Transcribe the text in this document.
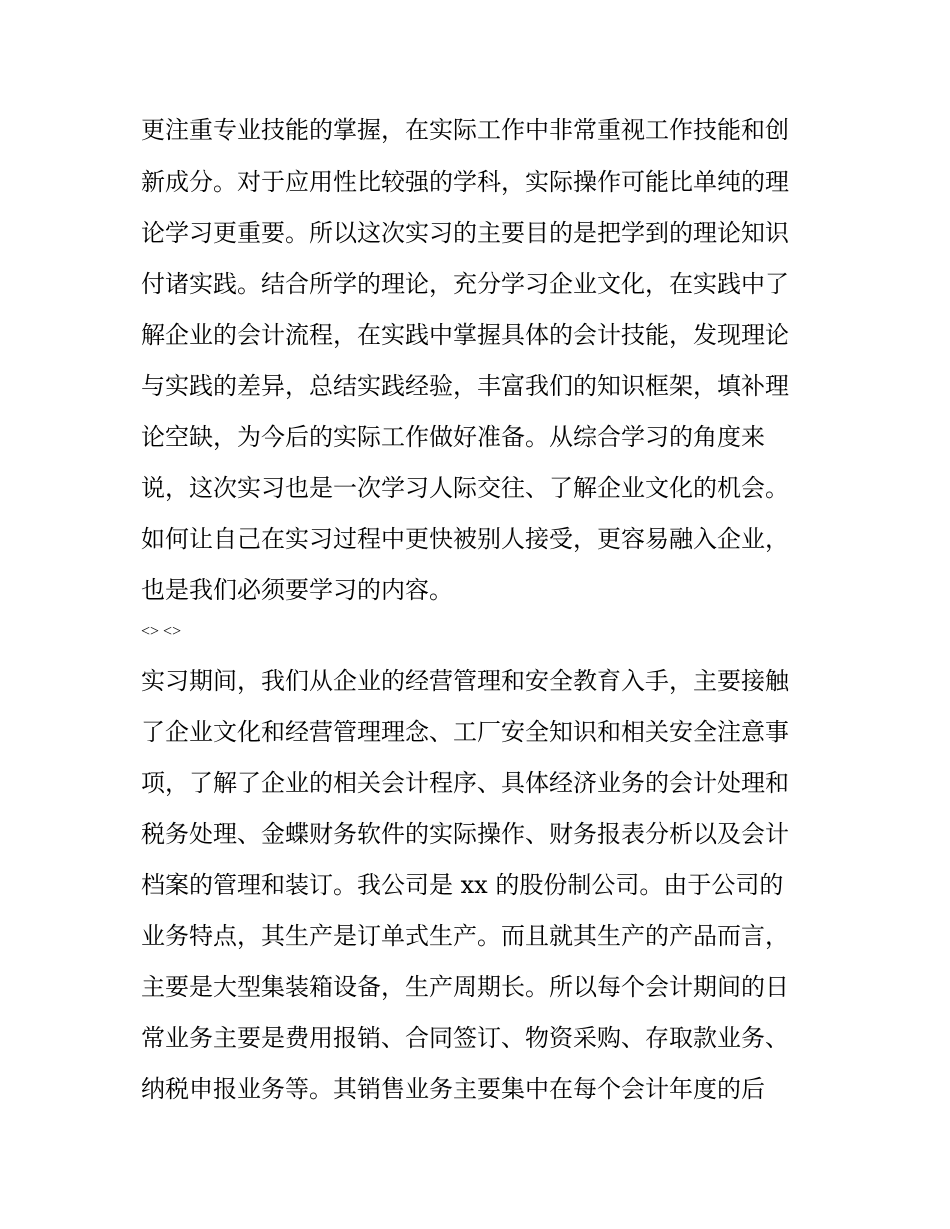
更注重专业技能的掌握，在实际工作中非常重视工作技能和创
新成分。对于应用性比较强的学科，实际操作可能比单纯的理
论学习更重要。所以这次实习的主要目的是把学到的理论知识
付诸实践。结合所学的理论，充分学习企业文化，在实践中了
解企业的会计流程，在实践中掌握具体的会计技能，发现理论
与实践的差异，总结实践经验，丰富我们的知识框架，填补理
论空缺，为今后的实际工作做好准备。从综合学习的角度来
说，这次实习也是一次学习人际交往、了解企业文化的机会。
如何让自己在实习过程中更快被别人接受，更容易融入企业，
也是我们必须要学习的内容。
<> <>
实习期间，我们从企业的经营管理和安全教育入手，主要接触
了企业文化和经营管理理念、工厂安全知识和相关安全注意事
项，了解了企业的相关会计程序、具体经济业务的会计处理和
税务处理、金蝶财务软件的实际操作、财务报表分析以及会计
档案的管理和装订。我公司是 xx 的股份制公司。由于公司的
业务特点，其生产是订单式生产。而且就其生产的产品而言，
主要是大型集装箱设备，生产周期长。所以每个会计期间的日
常业务主要是费用报销、合同签订、物资采购、存取款业务、
纳税申报业务等。其销售业务主要集中在每个会计年度的后
